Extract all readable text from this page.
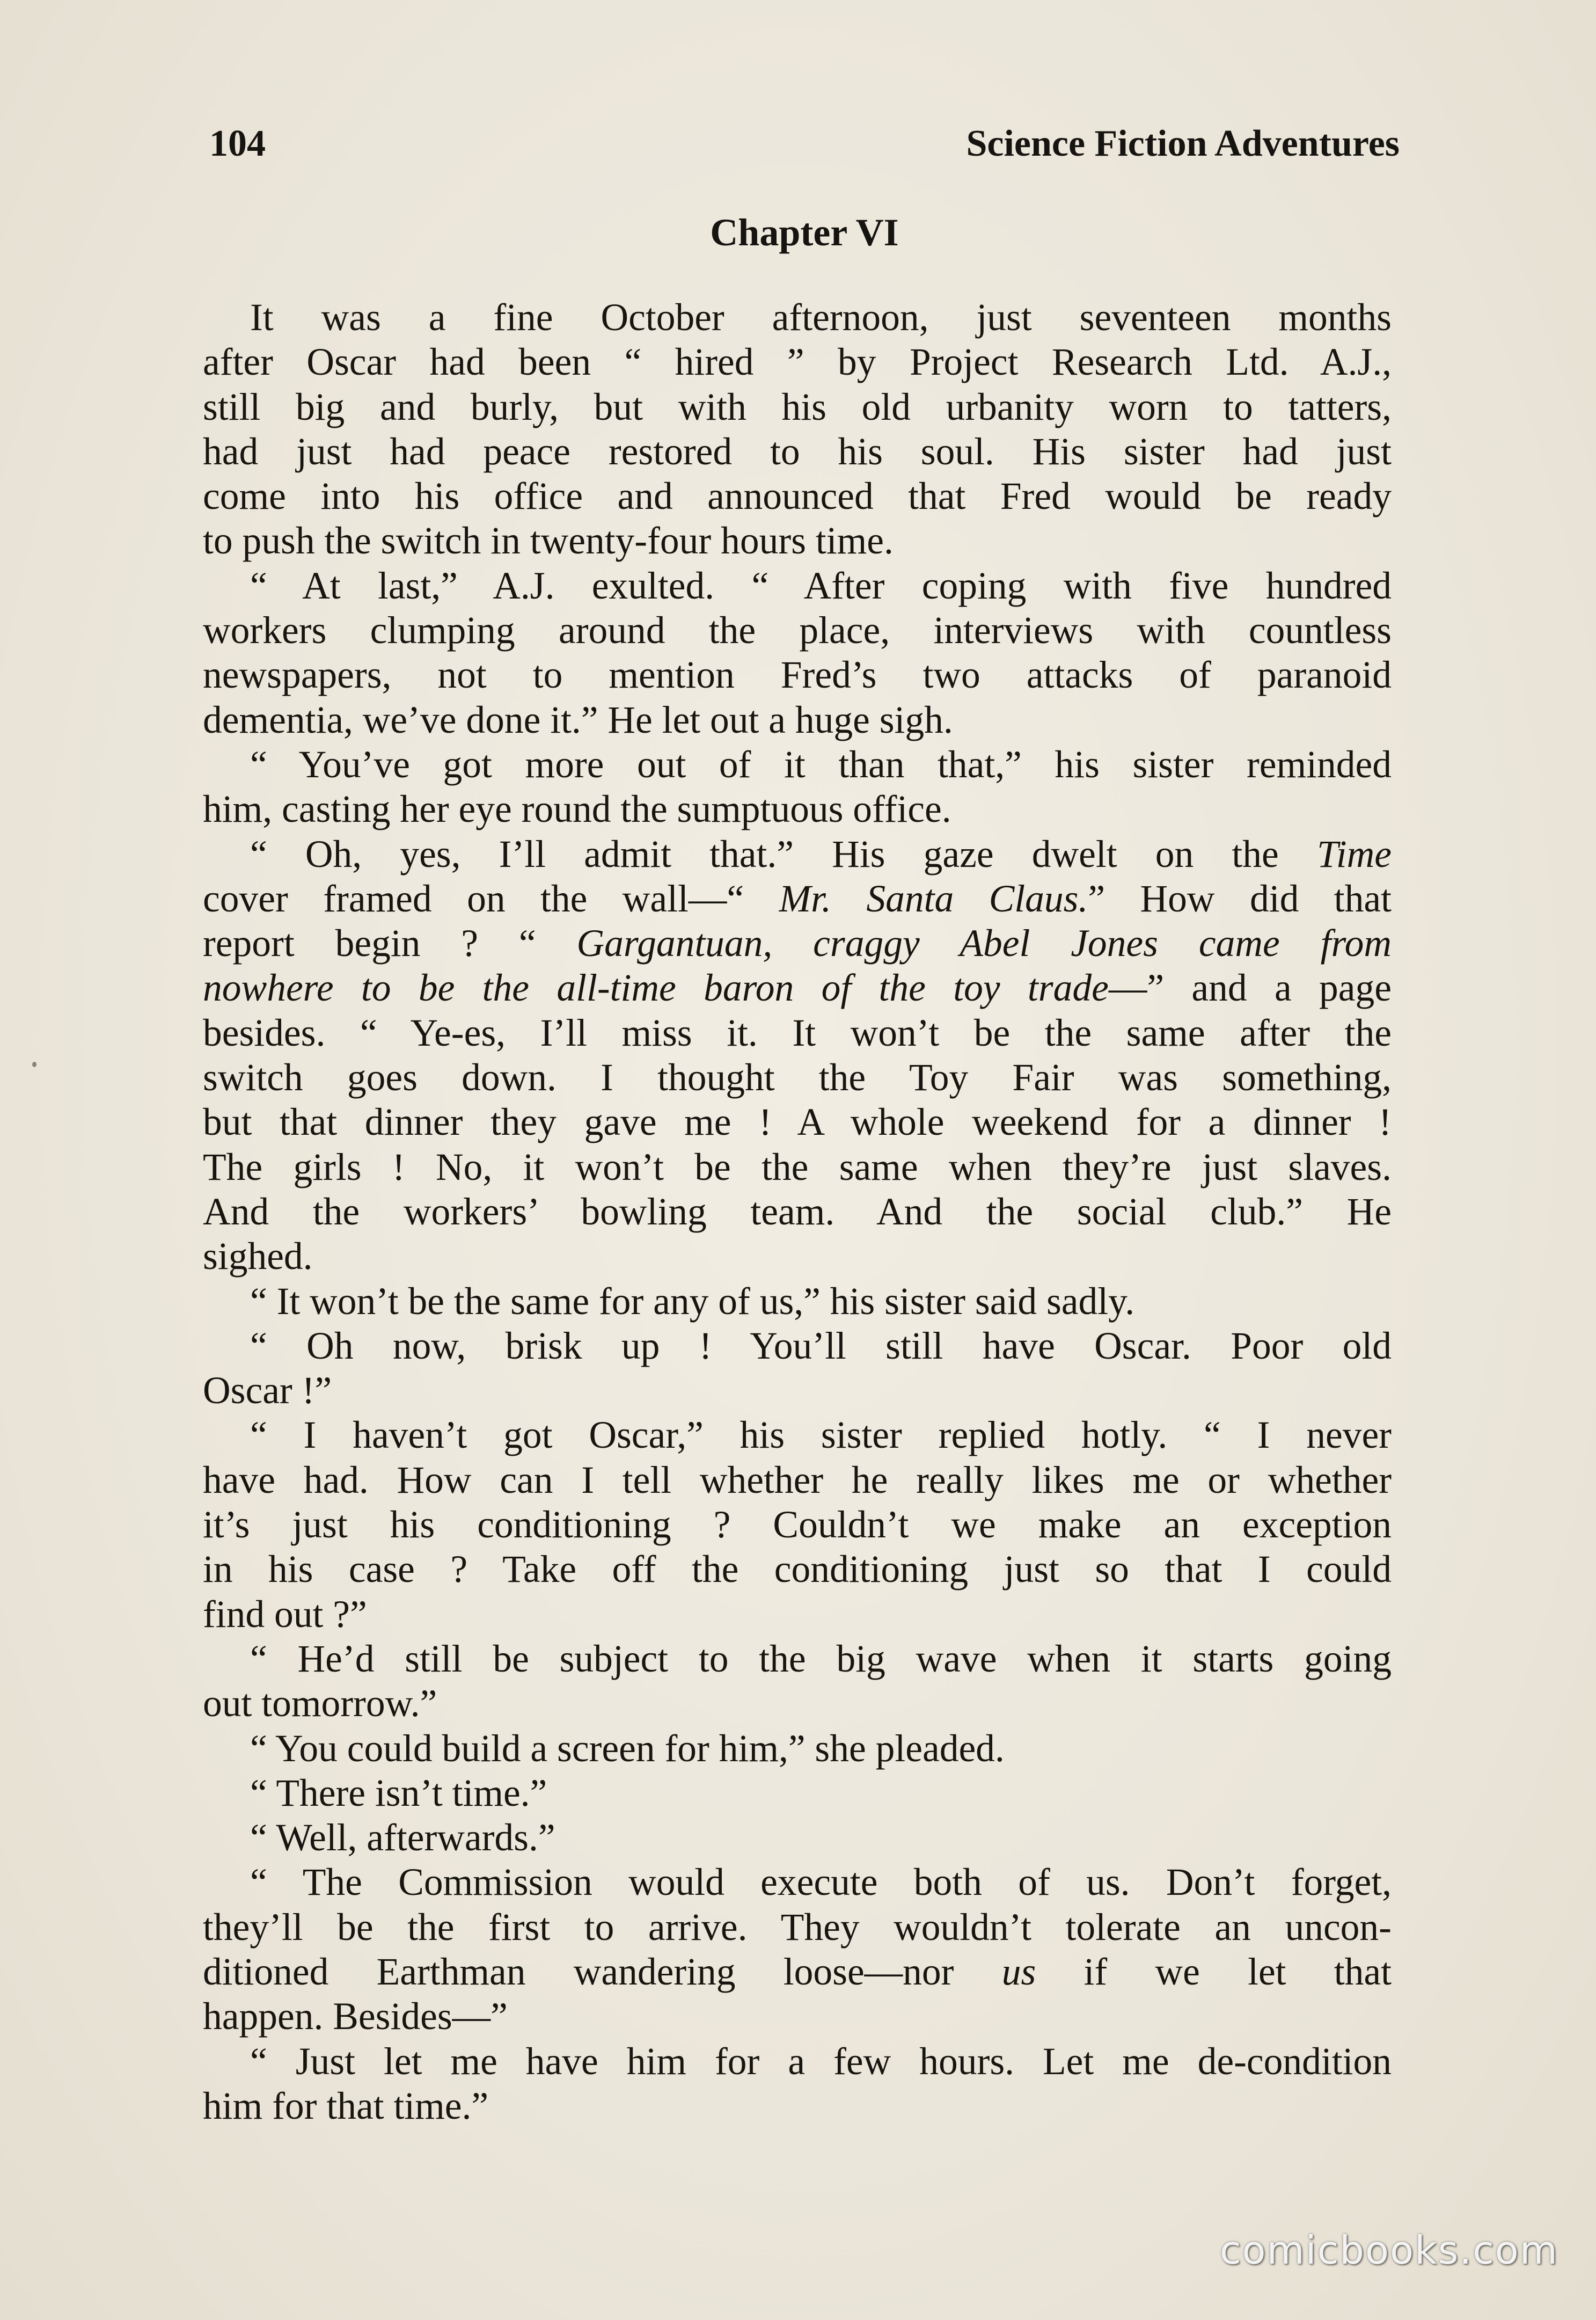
104	Science Fiction Adventures
Chapter VI
It was a fine October afternoon, just seventeen months
after Oscar had been “ hired ” by Project Research Ltd. A.J.,
still big and burly, but with his old urbanity worn to tatters,
had just had peace restored to his soul. His sister had just
come into his office and announced that Fred would be ready
to push the switch in twenty-four hours time.
“ At last,” A.J. exulted. “ After coping with five hundred
workers clumping around the place, interviews with countless
newspapers, not to mention Fred’s two attacks of paranoid
dementia, we’ve done it.” He let out a huge sigh.
“ You’ve got more out of it than that,” his sister reminded
him, casting her eye round the sumptuous office.
“ Oh, yes, I’ll admit that.” His gaze dwelt on the Time
cover framed on the wall—“ Mr. Santa Claus.” How did that
report begin ? “ Gargantuan, craggy Abel Jones came from
nowhere to be the all-time baron of the toy trade—” and a page
besides. “ Ye-es, I’ll miss it. It won’t be the same after the
switch goes down. I thought the Toy Fair was something,
but that dinner they gave me ! A whole weekend for a dinner !
The girls ! No, it won’t be the same when they’re just slaves.
And the workers’ bowling team. And the social club.” He
sighed.
“ It won’t be the same for any of us,” his sister said sadly.
“ Oh now, brisk up ! You’ll still have Oscar. Poor old
Oscar !”
“ I haven’t got Oscar,” his sister replied hotly. “ I never
have had. How can I tell whether he really likes me or whether
it’s just his conditioning ? Couldn’t we make an exception
in his case ? Take off the conditioning just so that I could
find out ?”
“ He’d still be subject to the big wave when it starts going
out tomorrow.”
“ You could build a screen for him,” she pleaded.
“ There isn’t time.”
“ Well, afterwards.”
“ The Commission would execute both of us. Don’t forget,
they’ll be the first to arrive. They wouldn’t tolerate an uncon-
ditioned Earthman wandering loose—nor us if we let that
happen. Besides—”
“ Just let me have him for a few hours. Let me de-condition
him for that time.”
comicbooks.com
